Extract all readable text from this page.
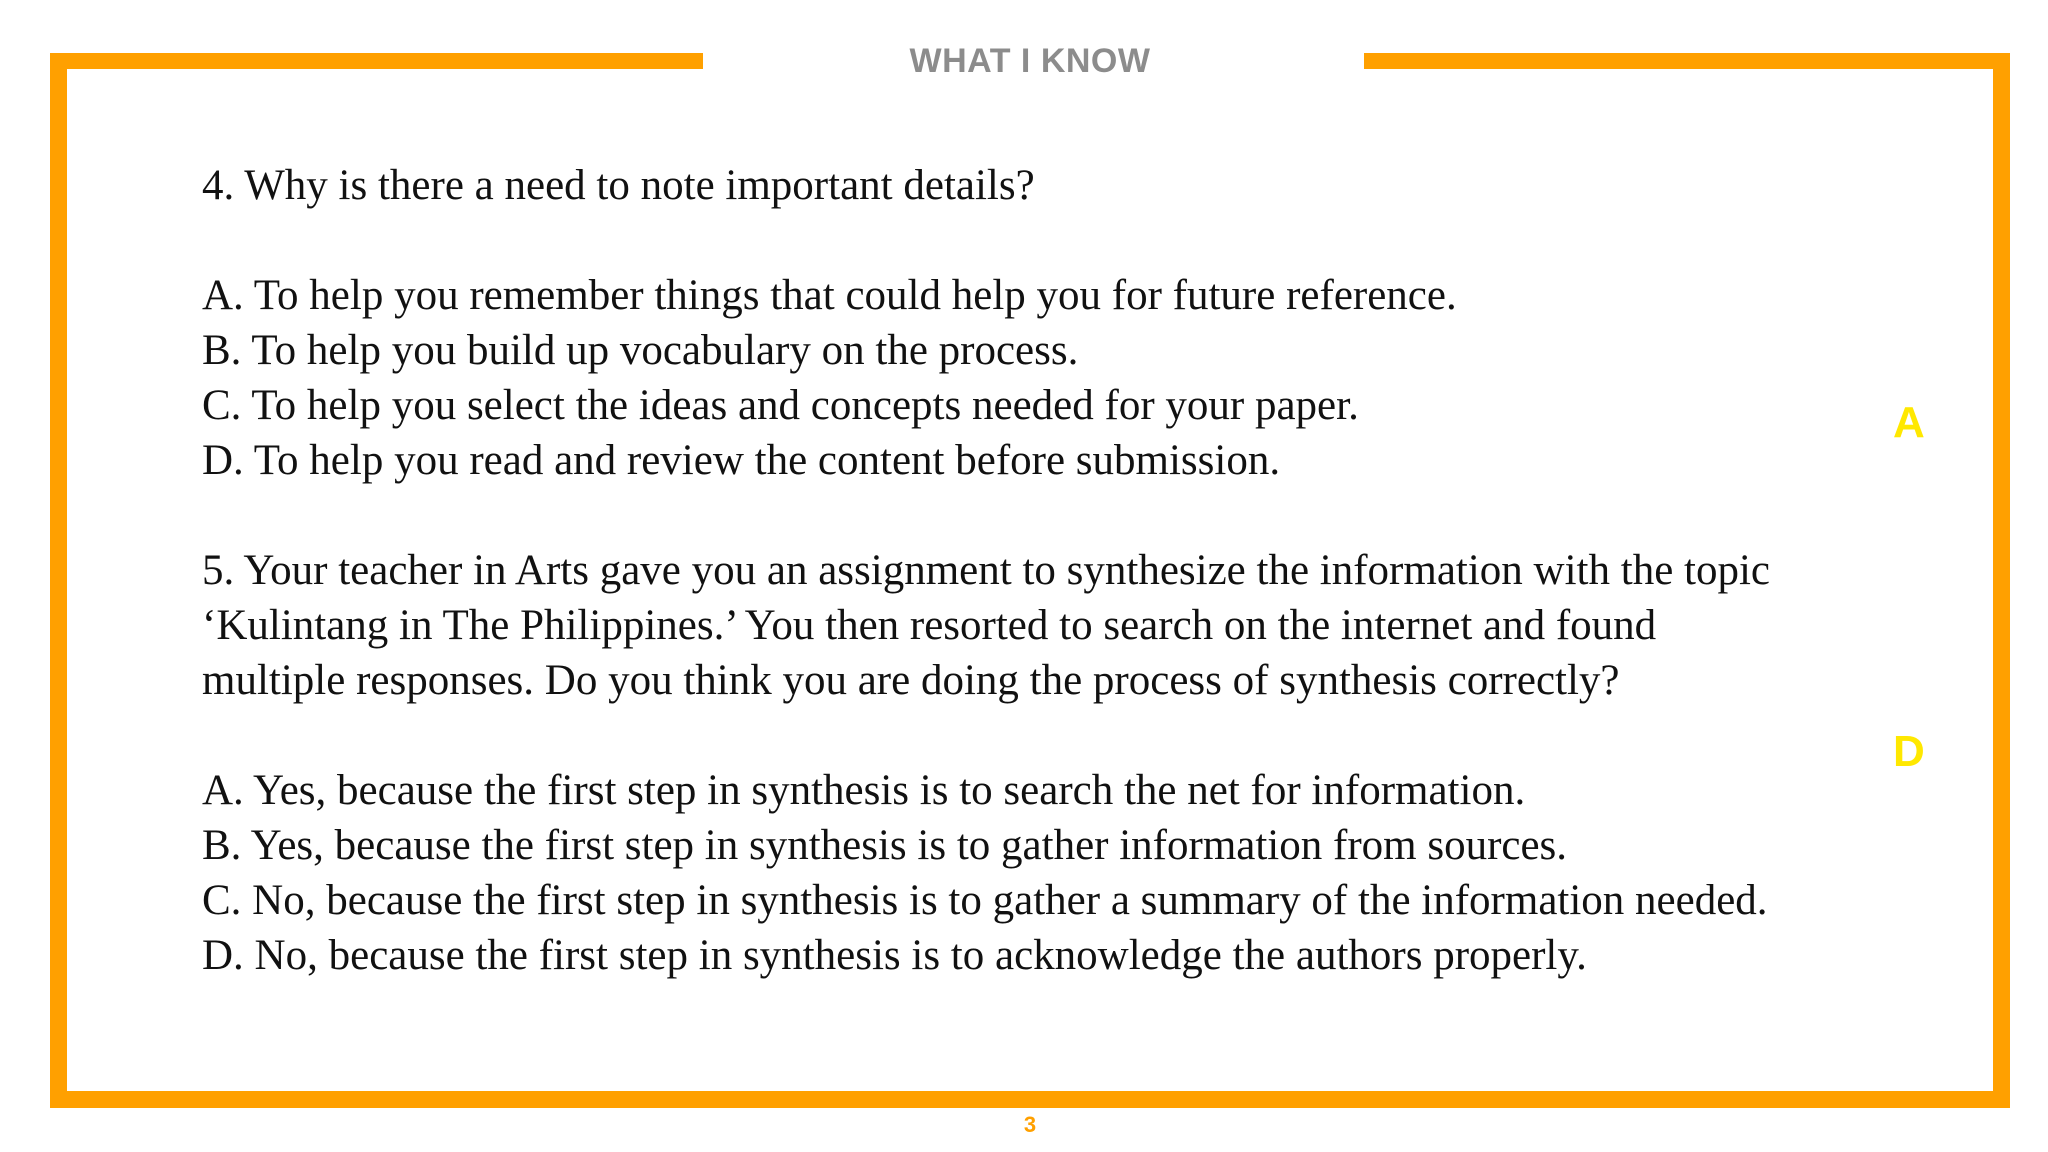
WHAT I KNOW

4. Why is there a need to note important details?

A. To help you remember things that could help you for future reference.

B. To help you build up vocabulary on the process.

C. To help you select the ideas and concepts needed for your paper.

D. To help you read and review the content before submission.

5. Your teacher in Arts gave you an assignment to synthesize the information with the topic

‘Kulintang in The Philippines.’ You then resorted to search on the internet and found

multiple responses. Do you think you are doing the process of synthesis correctly?

A. Yes, because the first step in synthesis is to search the net for information.

B. Yes, because the first step in synthesis is to gather information from sources.

C. No, because the first step in synthesis is to gather a summary of the information needed.

D. No, because the first step in synthesis is to acknowledge the authors properly.

A
D
3
